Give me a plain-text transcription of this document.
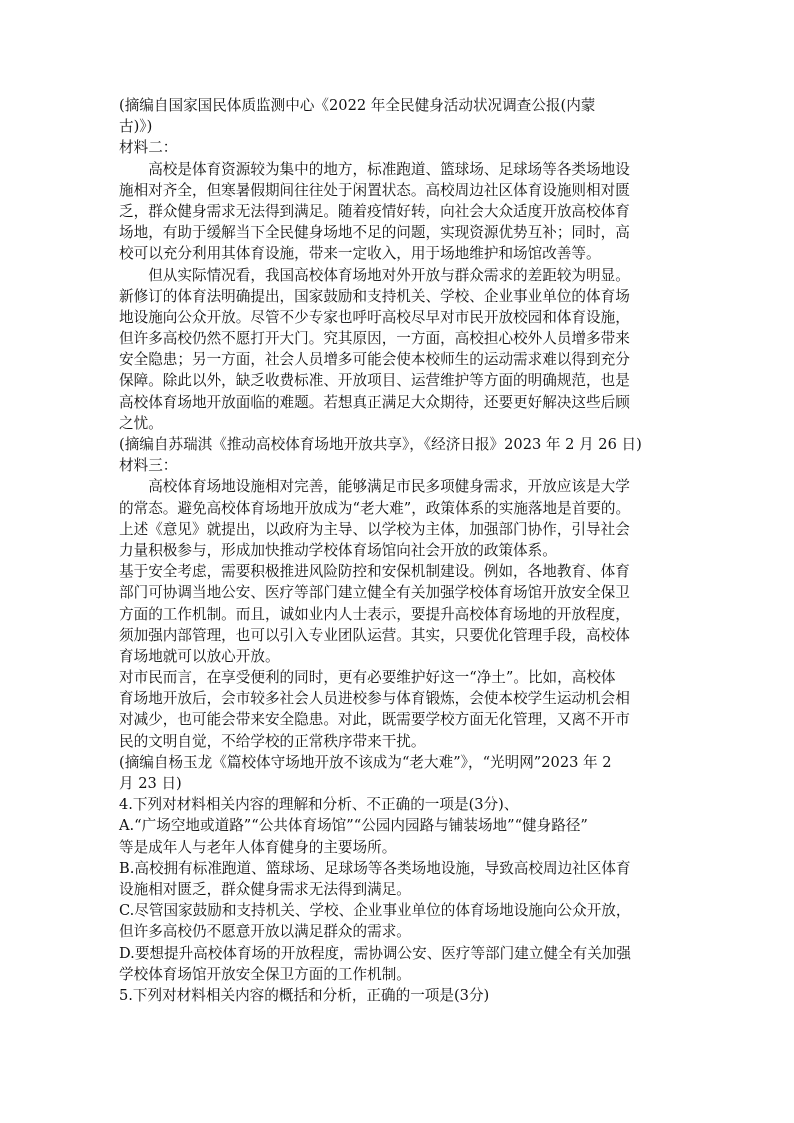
(摘编自国家国民体质监测中心《2022 年全民健身活动状况调查公报(内蒙
古)》)
材料二：
　　高校是体育资源较为集中的地方，标准跑道、篮球场、足球场等各类场地设
施相对齐全，但寒暑假期间往往处于闲置状态。高校周边社区体育设施则相对匮
乏，群众健身需求无法得到满足。随着疫情好转，向社会大众适度开放高校体育
场地，有助于缓解当下全民健身场地不足的问题，实现资源优势互补；同时，高
校可以充分利用其体育设施，带来一定收入，用于场地维护和场馆改善等。
　　但从实际情况看，我国高校体育场地对外开放与群众需求的差距较为明显。
新修订的体育法明确提出，国家鼓励和支持机关、学校、企业事业单位的体育场
地设施向公众开放。尽管不少专家也呼吁高校尽早对市民开放校园和体育设施，
但许多高校仍然不愿打开大门。究其原因，一方面，高校担心校外人员增多带来
安全隐患；另一方面，社会人员增多可能会使本校师生的运动需求难以得到充分
保障。除此以外，缺乏收费标准、开放项目、运营维护等方面的明确规范，也是
高校体育场地开放面临的难题。若想真正满足大众期待，还要更好解决这些后顾
之忧。
(摘编自苏瑞淇《推动高校体育场地开放共享》，《经济日报》2023 年 2 月 26 日)
材料三：
　　高校体育场地设施相对完善，能够满足市民多项健身需求，开放应该是大学
的常态。避免高校体育场地开放成为“老大难”，政策体系的实施落地是首要的。
上述《意见》就提出，以政府为主导、以学校为主体，加强部门协作，引导社会
力量积极参与，形成加快推动学校体育场馆向社会开放的政策体系。
基于安全考虑，需要积极推进风险防控和安保机制建设。例如，各地教育、体育
部门可协调当地公安、医疗等部门建立健全有关加强学校体育场馆开放安全保卫
方面的工作机制。而且，诚如业内人士表示，要提升高校体育场地的开放程度，
须加强内部管理，也可以引入专业团队运营。其实，只要优化管理手段，高校体
育场地就可以放心开放。
对市民而言，在享受便利的同时，更有必要维护好这一“净土”。比如，高校体
育场地开放后，会市较多社会人员进校参与体育锻炼，会使本校学生运动机会相
对减少，也可能会带来安全隐患。对此，既需要学校方面无化管理，又离不开市
民的文明自觉，不给学校的正常秩序带来干扰。
(摘编自杨玉龙《篇校体守场地开放不该成为“老大难”》，“光明网”2023 年 2
月 23 日)
4.下列对材料相关内容的理解和分析、不正确的一项是(3分)、
A.“广场空地或道路”“公共体育场馆”“公园内园路与铺装场地”“健身路径”
等是成年人与老年人体育健身的主要场所。
B.高校拥有标准跑道、篮球场、足球场等各类场地设施，导致高校周边社区体育
设施相对匮乏，群众健身需求无法得到满足。
C.尽管国家鼓励和支持机关、学校、企业事业单位的体育场地设施向公众开放，
但许多高校仍不愿意开放以满足群众的需求。
D.要想提升高校体育场的开放程度，需协调公安、医疗等部门建立健全有关加强
学校体育场馆开放安全保卫方面的工作机制。
5.下列对材料相关内容的概括和分析，正确的一项是(3分)
